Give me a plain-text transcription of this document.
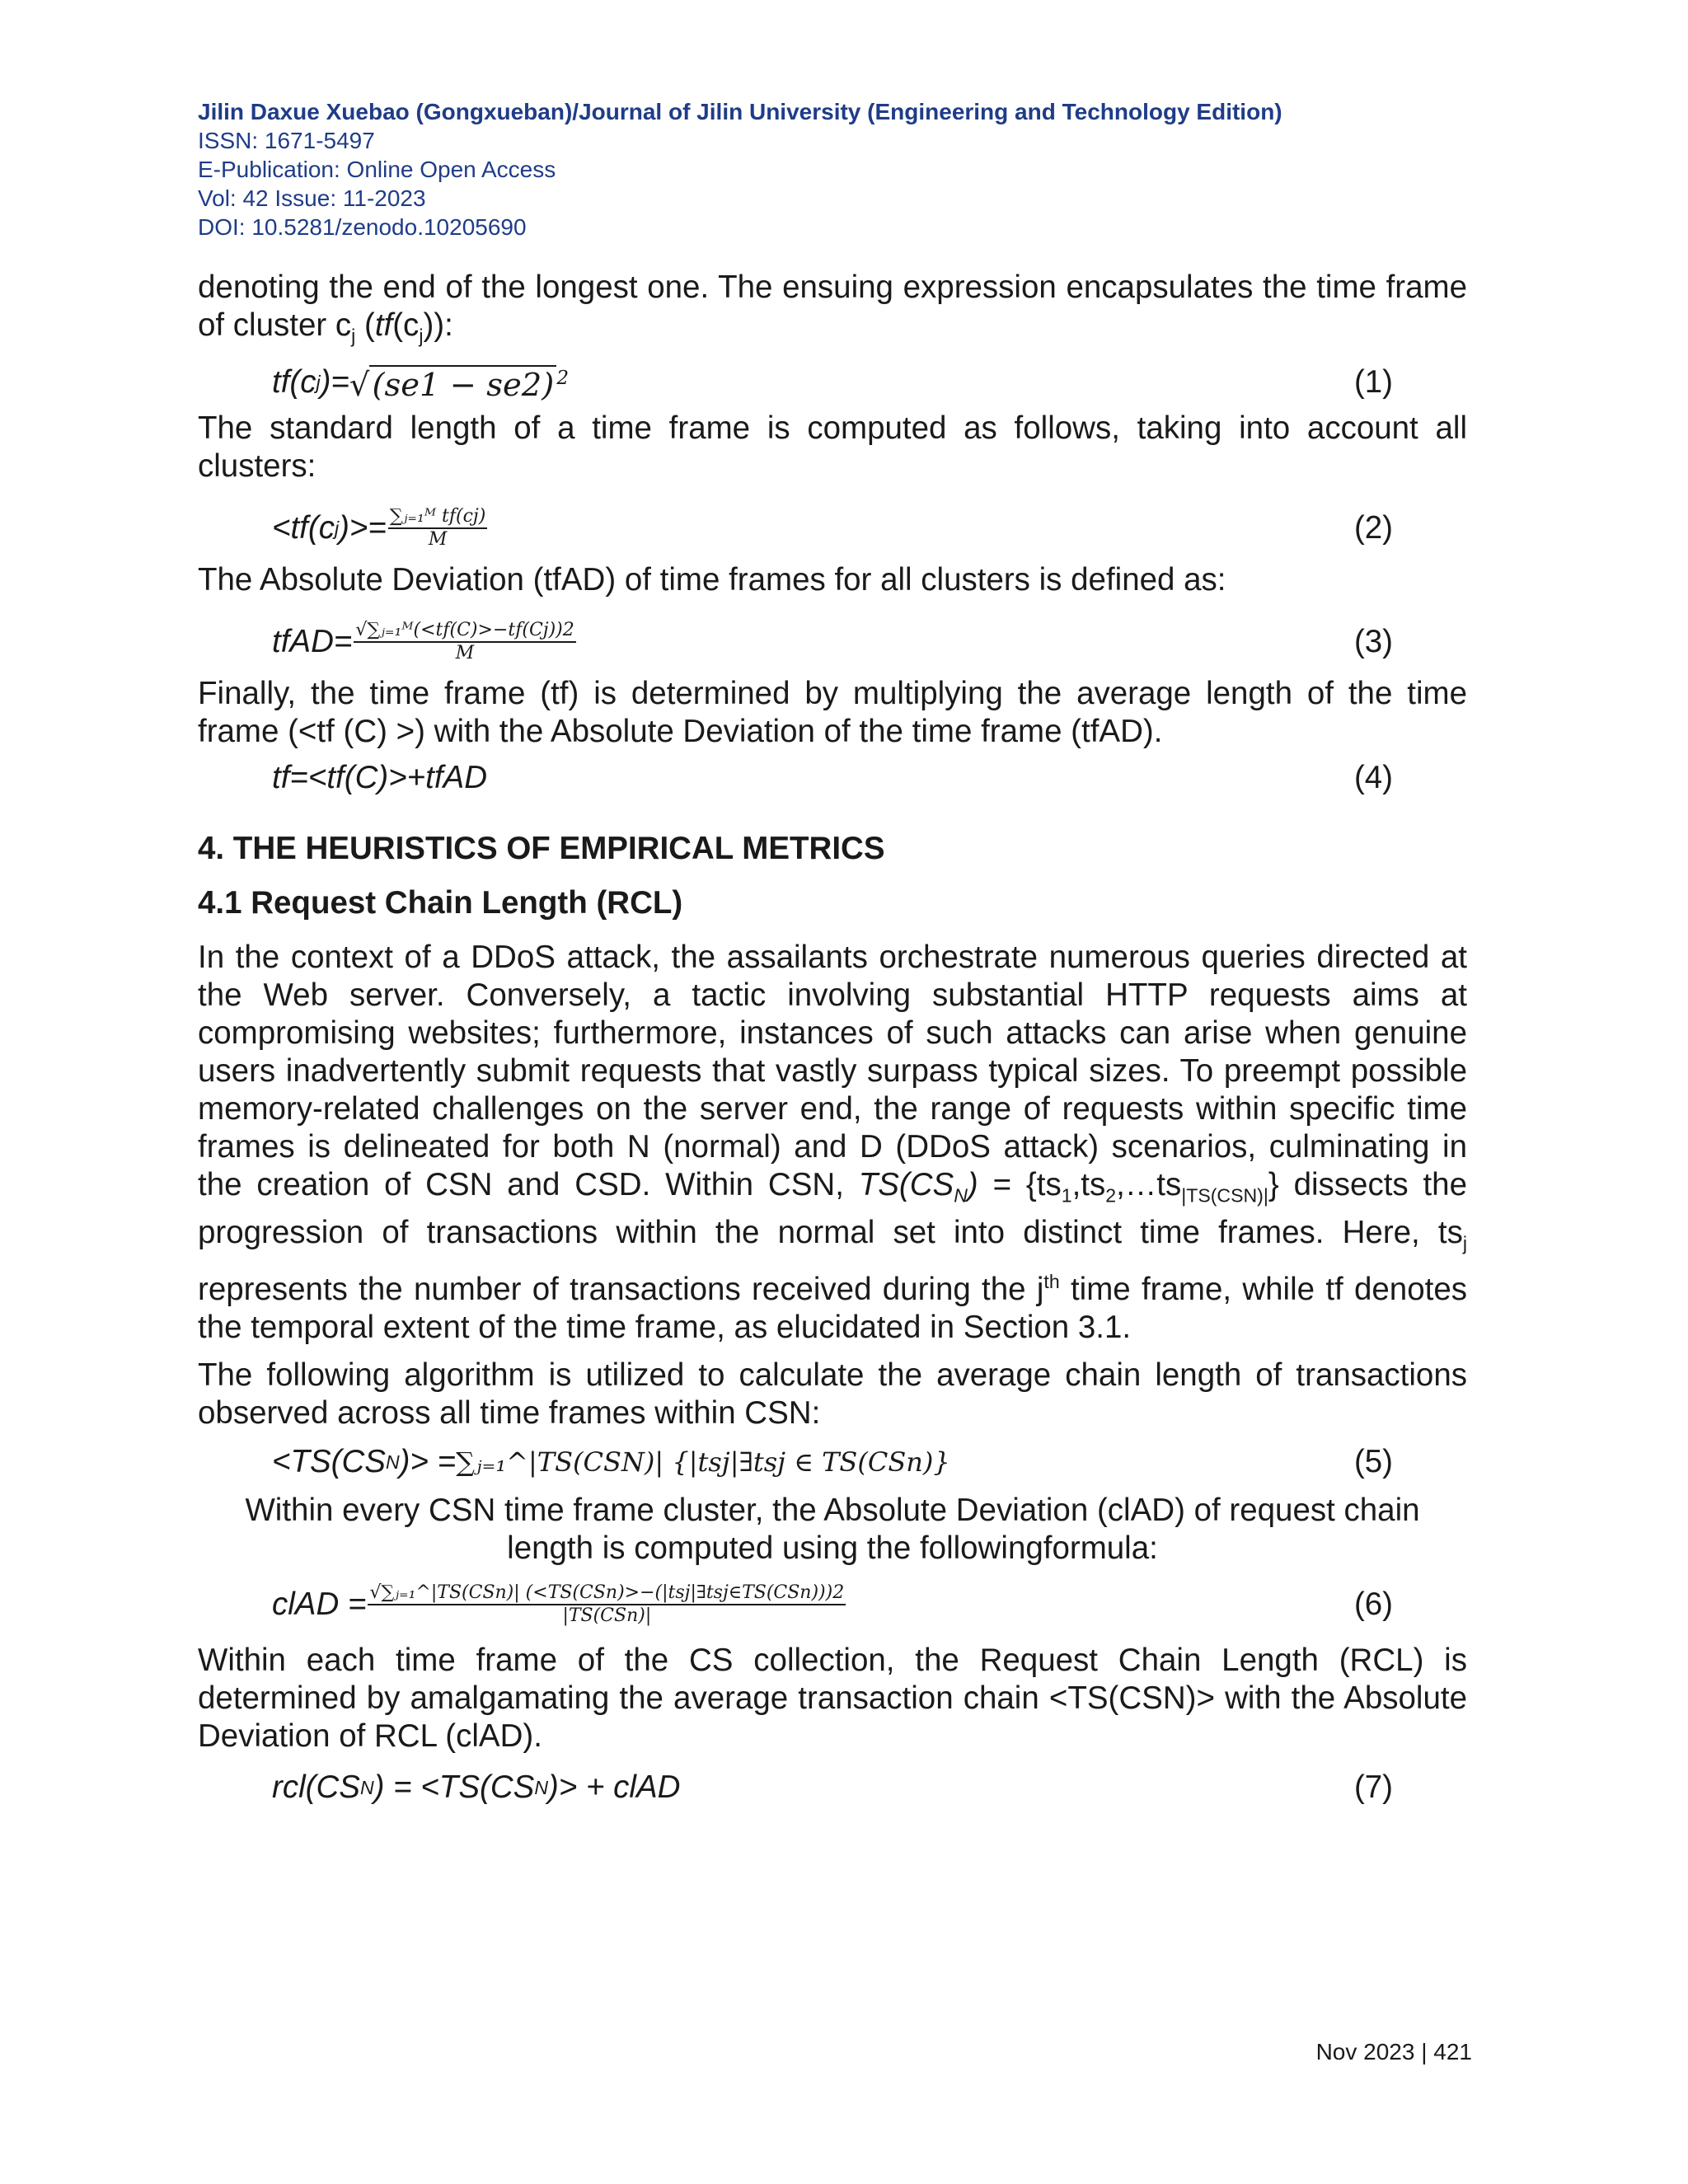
Jilin Daxue Xuebao (Gongxueban)/Journal of Jilin University (Engineering and Technology Edition)
ISSN: 1671-5497
E-Publication: Online Open Access
Vol: 42 Issue: 11-2023
DOI: 10.5281/zenodo.10205690

denoting the end of the longest one. The ensuing expression encapsulates the time frame of cluster $c_j$ $(tf(c_j))$:

tf(c j )= √(se1 − se2) $^2$	(1)

The standard length of a time frame is computed as follows, taking into account all clusters:

<tf(c j )>= $\frac{\text{∑ⱼ₌₁ᴹ tf(cj)}}{M}$	(2)

The Absolute Deviation (tfAD) of time frames for all clusters is defined as:

tfAD= $\frac{\text{√∑ⱼ₌₁ᴹ(<tf(C)>−tf(Cj))2}}{M}$	(3)

Finally, the time frame (tf) is determined by multiplying the average length of the time frame (<tf (C) >) with the Absolute Deviation of the time frame (tfAD).

tf=<tf(C)>+tfAD	(4)
4. THE HEURISTICS OF EMPIRICAL METRICS
4.1 Request Chain Length (RCL)

In the context of a DDoS attack, the assailants orchestrate numerous queries directed at the Web server. Conversely, a tactic involving substantial HTTP requests aims at compromising websites; furthermore, instances of such attacks can arise when genuine users inadvertently submit requests that vastly surpass typical sizes. To preempt possible memory-related challenges on the server end, the range of requests within specific time frames is delineated for both N (normal) and D (DDoS attack) scenarios, culminating in the creation of CSN and CSD. Within CSN, $TS(CS_N)$ = $\{ts_1,ts_2,\dots ts_{|TS(CSN)|}\}$ dissects the progression of transactions within the normal set into distinct time frames. Here, $ts_j$ represents the number of transactions received during the $j^{th}$ time frame, while tf denotes the temporal extent of the time frame, as elucidated in Section 3.1.

The following algorithm is utilized to calculate the average chain length of transactions observed across all time frames within CSN:

<TS(CS N )> = ∑ⱼ₌₁^|TS(CSN)| {|tsj|∃tsj ∈ TS(CSn)}	(5)

Within every CSN time frame cluster, the Absolute Deviation (clAD) of request chain length is computed using the followingformula:

clAD = $\frac{\text{√∑ⱼ₌₁\textasciicircum{}|TS(CSn)| (<TS(CSn)>−(|tsj|∃tsj∈TS(CSn)))2}}{\text{|TS(CSn)|}}$	(6)

Within each time frame of the CS collection, the Request Chain Length (RCL) is determined by amalgamating the average transaction chain <TS(CSN)> with the Absolute Deviation of RCL (clAD).

rcl(CS N ) = <TS(CS N )> + clAD	(7)
Nov 2023 | 421
